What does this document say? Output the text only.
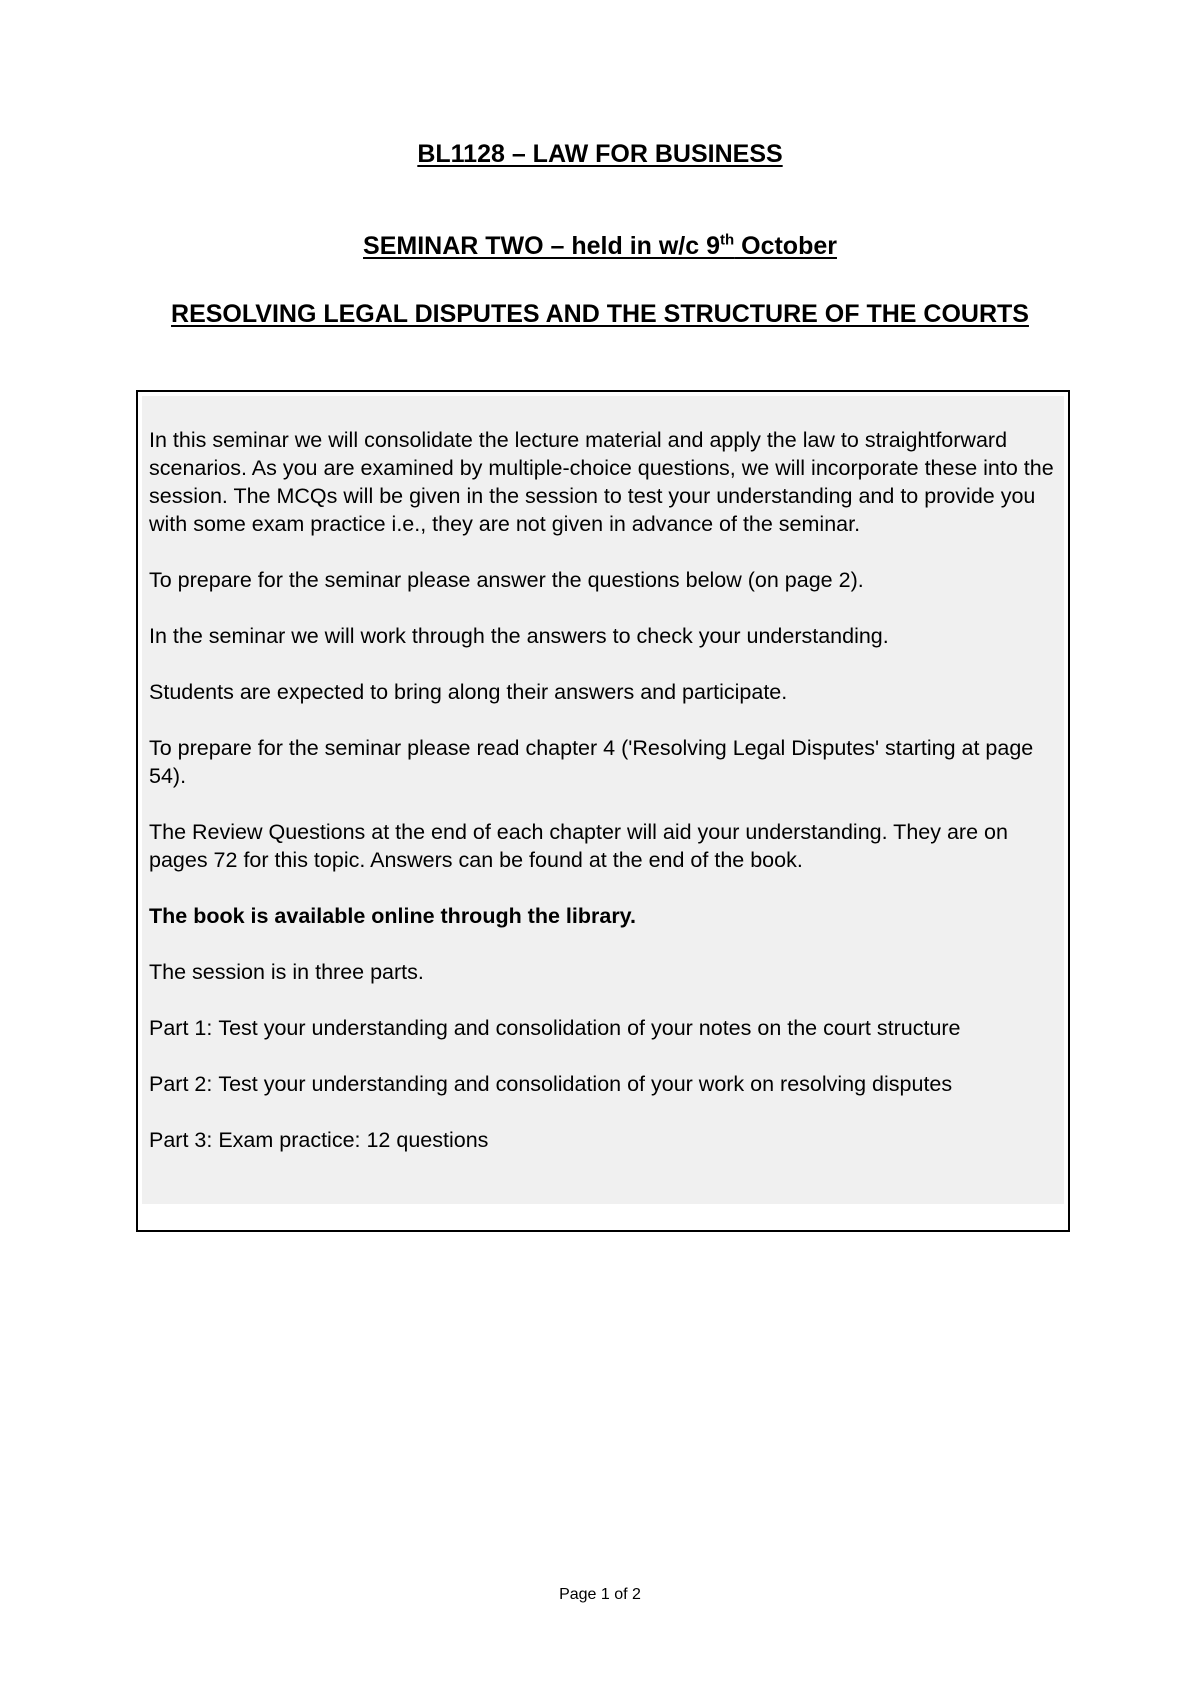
BL1128 – LAW FOR BUSINESS
SEMINAR TWO – held in w/c 9th October
RESOLVING LEGAL DISPUTES AND THE STRUCTURE OF THE COURTS

In this seminar we will consolidate the lecture material and apply the law to straightforward scenarios. As you are examined by multiple-choice questions, we will incorporate these into the session. The MCQs will be given in the session to test your understanding and to provide you with some exam practice i.e., they are not given in advance of the seminar.

To prepare for the seminar please answer the questions below (on page 2).

In the seminar we will work through the answers to check your understanding.

Students are expected to bring along their answers and participate.

To prepare for the seminar please read chapter 4 ('Resolving Legal Disputes' starting at page 54).

The Review Questions at the end of each chapter will aid your understanding. They are on pages 72 for this topic. Answers can be found at the end of the book.

The book is available online through the library.

The session is in three parts.

Part 1: Test your understanding and consolidation of your notes on the court structure
Part 2: Test your understanding and consolidation of your work on resolving disputes
Part 3: Exam practice: 12 questions
Page 1 of 2
